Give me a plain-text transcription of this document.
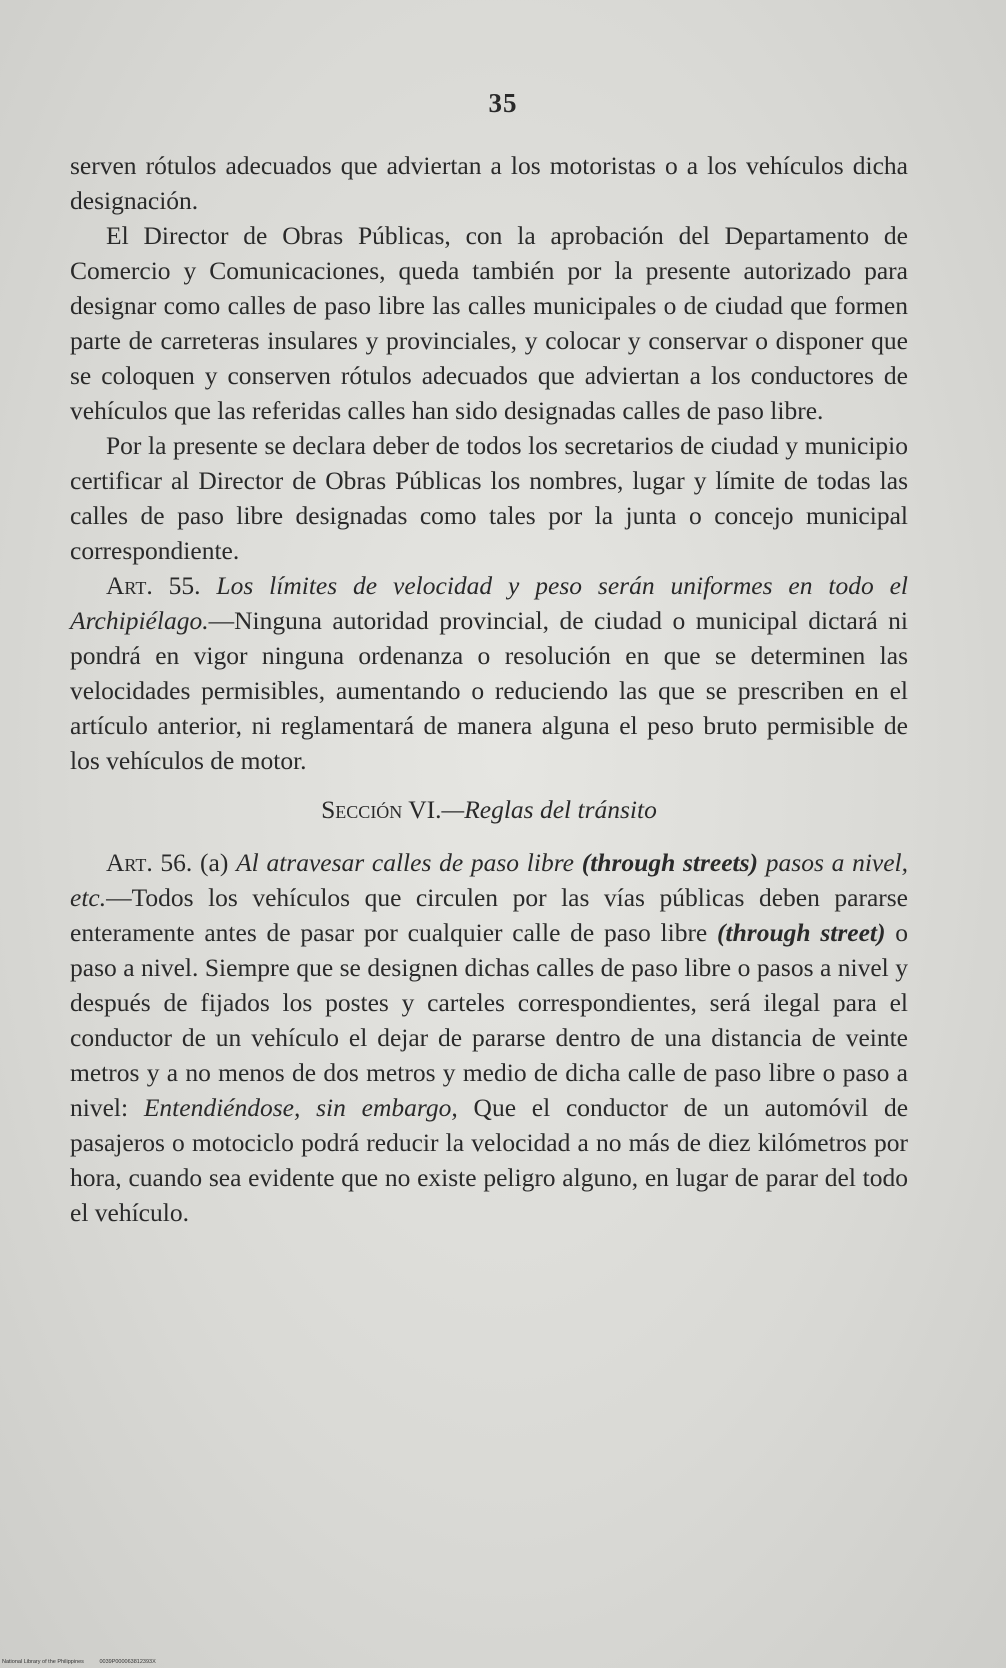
35

serven rótulos adecuados que adviertan a los motoristas o a los vehículos dicha designación.

El Director de Obras Públicas, con la aprobación del Departamento de Comercio y Comunicaciones, queda también por la presente autorizado para designar como calles de paso libre las calles municipales o de ciudad que formen parte de carreteras insulares y provinciales, y colocar y conservar o disponer que se coloquen y conserven rótulos adecuados que adviertan a los conductores de vehículos que las referidas calles han sido designadas calles de paso libre.

Por la presente se declara deber de todos los secretarios de ciudad y municipio certificar al Director de Obras Públicas los nombres, lugar y límite de todas las calles de paso libre designadas como tales por la junta o concejo municipal correspondiente.

Art. 55. Los límites de velocidad y peso serán uniformes en todo el Archipiélago.—Ninguna autoridad provincial, de ciudad o municipal dictará ni pondrá en vigor ninguna ordenanza o resolución en que se determinen las velocidades permisibles, aumentando o reduciendo las que se prescriben en el artículo anterior, ni reglamentará de manera alguna el peso bruto permisible de los vehículos de motor.

Sección VI.—Reglas del tránsito

Art. 56. (a) Al atravesar calles de paso libre (through streets) pasos a nivel, etc.—Todos los vehículos que circulen por las vías públicas deben pararse enteramente antes de pasar por cualquier calle de paso libre (through street) o paso a nivel. Siempre que se designen dichas calles de paso libre o pasos a nivel y después de fijados los postes y carteles correspondientes, será ilegal para el conductor de un vehículo el dejar de pararse dentro de una distancia de veinte metros y a no menos de dos metros y medio de dicha calle de paso libre o paso a nivel: Entendiéndose, sin embargo, Que el conductor de un automóvil de pasajeros o motociclo podrá reducir la velocidad a no más de diez kilómetros por hora, cuando sea evidente que no existe peligro alguno, en lugar de parar del todo el vehículo.

National Library of the Philippines	0039P000063812393X
